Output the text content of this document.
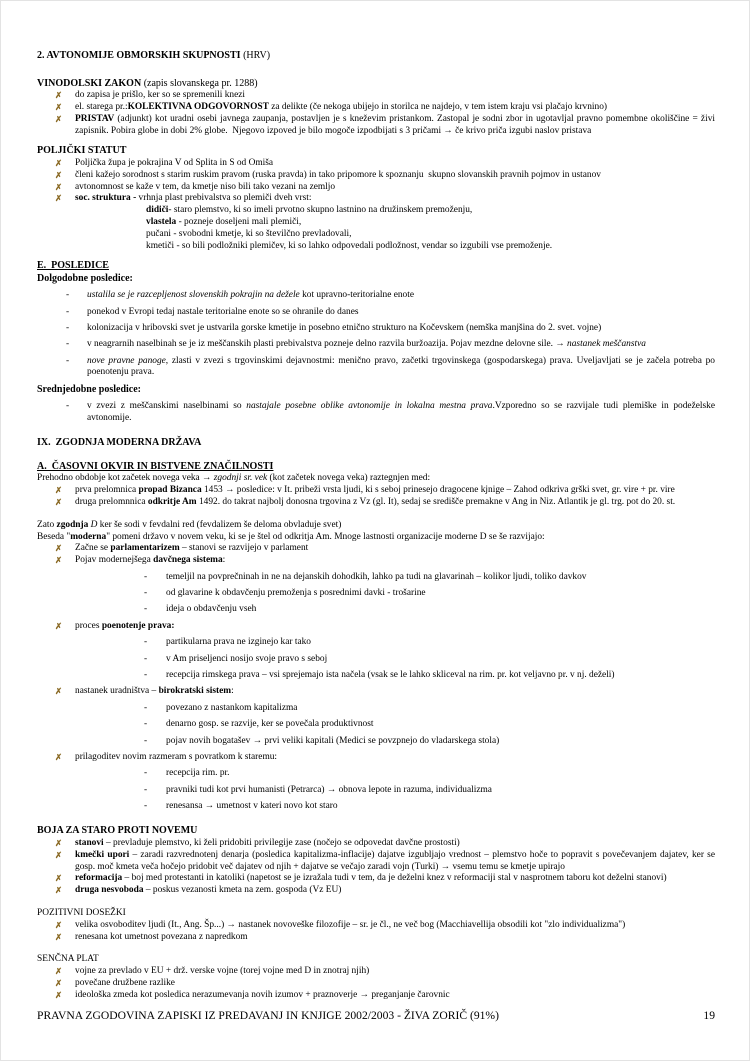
2. AVTONOMIJE OBMORSKIH SKUPNOSTI (HRV)
VINODOLSKI ZAKON (zapis slovanskega pr. 1288)
✗ do zapisa je prišlo, ker so se spremenili knezi
✗ el. starega pr.:KOLEKTIVNA ODGOVORNOST za delikte (če nekoga ubijejo in storilca ne najdejo, v tem istem kraju vsi plačajo krvnino)
✗ PRISTAV (adjunkt) kot uradni osebi javnega zaupanja, postavljen je s kneževim pristankom. Zastopal je sodni zbor in ugotavljal pravno pomembne okoliščine = živi zapisnik. Pobira globe in dobi 2% globe.  Njegovo izpoved je bilo mogoče izpodbijati s 3 pričami → če krivo priča izgubi naslov pristava
POLJIČKI STATUT
✗ Poljička župa je pokrajina V od Splita in S od Omiša
✗ členi kažejo sorodnost s starim ruskim pravom (ruska pravda) in tako pripomore k spoznanju  skupno slovanskih pravnih pojmov in ustanov
✗ avtonomnost se kaže v tem, da kmetje niso bili tako vezani na zemljo
✗ soc. struktura - vrhnja plast prebivalstva so plemiči dveh vrst:
didiči- staro plemstvo, ki so imeli prvotno skupno lastnino na družinskem premoženju,
vlastela - pozneje doseljeni mali plemiči,
pučani - svobodni kmetje, ki so številčno prevladovali,
kmetiči - so bili podložniki plemičev, ki so lahko odpovedali podložnost, vendar so izgubili vse premoženje.
E.  POSLEDICE
Dolgodobne posledice:
- ustalila se je razcepljenost slovenskih pokrajin na dežele kot upravno-teritorialne enote
- ponekod v Evropi tedaj nastale teritorialne enote so se ohranile do danes
- kolonizacija v hribovski svet je ustvarila gorske kmetije in posebno etnično strukturo na Kočevskem (nemška manjšina do 2. svet. vojne)
- v neagrarnih naselbinah se je iz meščanskih plasti prebivalstva pozneje delno razvila buržoazija. Pojav mezdne delovne sile. → nastanek meščanstva
- nove pravne panoge, zlasti v zvezi s trgovinskimi dejavnostmi: menično pravo, začetki trgovinskega (gospodarskega) prava. Uveljavljati se je začela potreba po poenotenju prava.
Srednjedobne posledice:
- v zvezi z meščanskimi naselbinami so nastajale posebne oblike avtonomije in lokalna mestna prava.Vzporedno so se razvijale tudi plemiške in podeželske avtonomije.
IX.  ZGODNJA MODERNA DRŽAVA
A.  ČASOVNI OKVIR IN BISTVENE ZNAČILNOSTI
Prehodno obdobje kot začetek novega veka → zgodnji sr. vek (kot začetek novega veka) raztegnjen med:
✗ prva prelomnica propad Bizanca 1453 → posledice: v It. pribeži vrsta ljudi, ki s seboj prinesejo dragocene kjnige – Zahod odkriva grški svet, gr. vire + pr. vire
✗ druga prelomnnica odkritje Am 1492. do takrat najbolj donosna trgovina z Vz (gl. It), sedaj se središče premakne v Ang in Niz. Atlantik je gl. trg. pot do 20. st.
Zato zgodnja D ker še sodi v fevdalni red (fevdalizem še deloma obvladuje svet)
Beseda "moderna" pomeni državo v novem veku, ki se je štel od odkritja Am. Mnoge lastnosti organizacije moderne D se še razvijajo:
✗ Začne se parlamentarizem – stanovi se razvijejo v parlament
✗ Pojav modernejšega davčnega sistema:
- temeljil na povprečninah in ne na dejanskih dohodkih, lahko pa tudi na glavarinah – kolikor ljudi, toliko davkov
- od glavarine k obdavčenju premoženja s posrednimi davki - trošarine
- ideja o obdavčenju vseh
✗ proces poenotenje prava:
- partikularna prava ne izginejo kar tako
- v Am priseljenci nosijo svoje pravo s seboj
- recepcija rimskega prava – vsi sprejemajo ista načela (vsak se le lahko skliceval na rim. pr. kot veljavno pr. v nj. deželi)
✗ nastanek uradništva – birokratski sistem:
- povezano z nastankom kapitalizma
- denarno gosp. se razvije, ker se povečala produktivnost
- pojav novih bogatašev → prvi veliki kapitali (Medici se povzpnejo do vladarskega stola)
✗ prilagoditev novim razmeram s povratkom k staremu:
- recepcija rim. pr.
- pravniki tudi kot prvi humanisti (Petrarca) → obnova lepote in razuma, individualizma
- renesansa → umetnost v kateri novo kot staro
BOJA ZA STARO PROTI NOVEMU
✗ stanovi – prevladuje plemstvo, ki želi pridobiti privilegije zase (nočejo se odpovedat davčne prostosti)
✗ kmečki upori – zaradi razvrednotenj denarja (posledica kapitalizma-inflacije) dajatve izgubljajo vrednost – plemstvo hoče to popravit s povečevanjem dajatev, ker se gosp. moč kmeta veča hočejo pridobit več dajatev od njih + dajatve se večajo zaradi vojn (Turki) → vsemu temu se kmetje upirajo
✗ reformacija – boj med protestanti in katoliki (napetost se je izražala tudi v tem, da je deželni knez v reformaciji stal v nasprotnem taboru kot deželni stanovi)
✗ druga nesvoboda – poskus vezanosti kmeta na zem. gospoda (Vz EU)
POZITIVNI DOSEŽKI
✗ velika osvoboditev ljudi (It., Ang. Šp...) → nastanek novoveške filozofije – sr. je čl., ne več bog (Macchiavellija obsodili kot "zlo individualizma")
✗ renesana kot umetnost povezana z napredkom
SENČNA PLAT
✗ vojne za prevlado v EU + drž. verske vojne (torej vojne med D in znotraj njih)
✗ povečane družbene razlike
✗ ideološka zmeda kot posledica nerazumevanja novih izumov + praznoverje → preganjanje čarovnic
PRAVNA ZGODOVINA ZAPISKI IZ PREDAVANJ IN KNJIGE 2002/2003 - ŽIVA ZORIČ (91%)	19
